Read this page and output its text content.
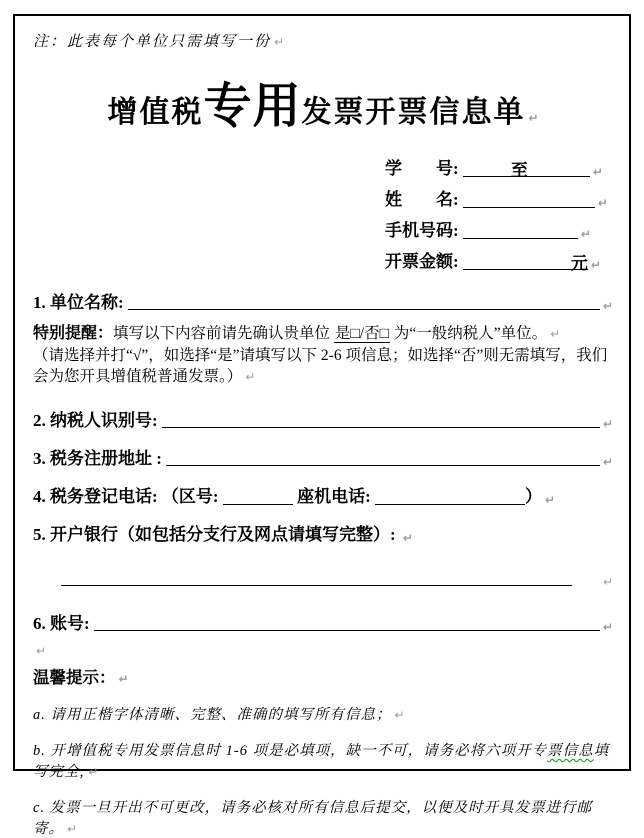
注：此表每个单位只需填写一份 ↵
增值税专用发票开票信息单 ↵
学　　号:	至	↵
姓　　名:	↵
手机号码:	↵
开票金额:	元 ↵
1. 单位名称:	↵
特别提醒：填写以下内容前请先确认贵单位 是□/否□ 为“一般纳税人”单位。 ↵
（请选择并打“√”，如选择“是”请填写以下 2-6 项信息；如选择“否”则无需填写，我们会为您开具增值税普通发票。） ↵
2. 纳税人识别号:	↵
3. 税务注册地址 :	↵
4. 税务登记电话: （区号:	座机电话:	） ↵
5. 开户银行（如包括分支行及网点请填写完整）: ↵
↵
6. 账号:	↵
↵
温馨提示： ↵
a. 请用正楷字体清晰、完整、准确的填写所有信息； ↵
b. 开增值税专用发票信息时 1-6 项是必填项，缺一不可，请务必将六项开专票信息填写完全; ↵
c. 发票一旦开出不可更改，请务必核对所有信息后提交，以便及时开具发票进行邮寄。 ↵
